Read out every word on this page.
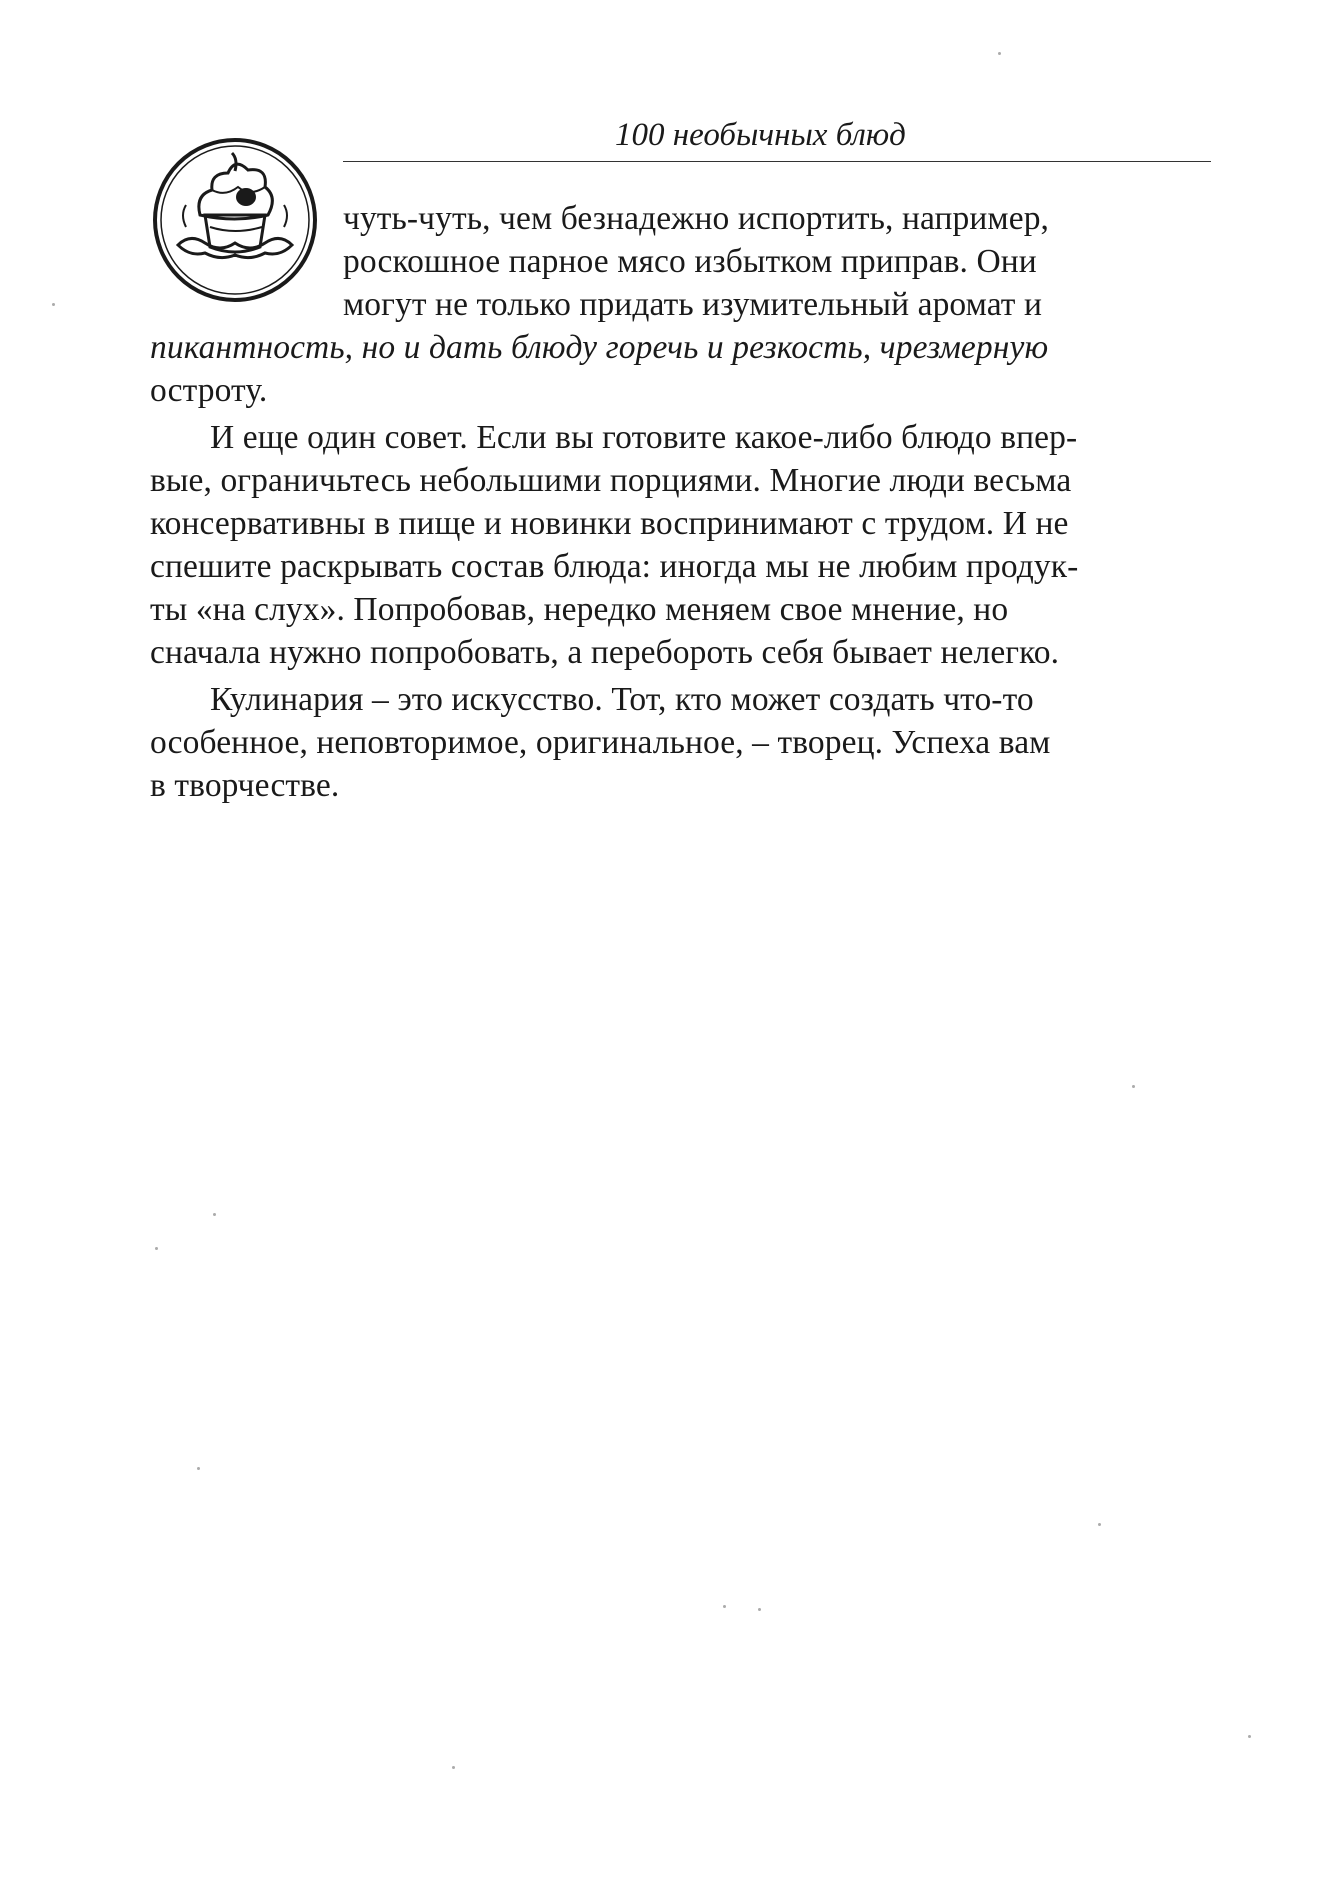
100 необычных блюд
чуть-чуть, чем безнадежно испортить, например,
роскошное парное мясо избытком приправ. Они
могут не только придать изумительный аромат и
пикантность, но и дать блюду горечь и резкость, чрезмерную
остроту.
И еще один совет. Если вы готовите какое-либо блюдо впер-
вые, ограничьтесь небольшими порциями. Многие люди весьма
консервативны в пище и новинки воспринимают с трудом. И не
спешите раскрывать состав блюда: иногда мы не любим продук-
ты «на слух». Попробовав, нередко меняем свое мнение, но
сначала нужно попробовать, а перебороть себя бывает нелегко.
Кулинария – это искусство. Тот, кто может создать что-то
особенное, неповторимое, оригинальное, – творец. Успеха вам
в творчестве.
